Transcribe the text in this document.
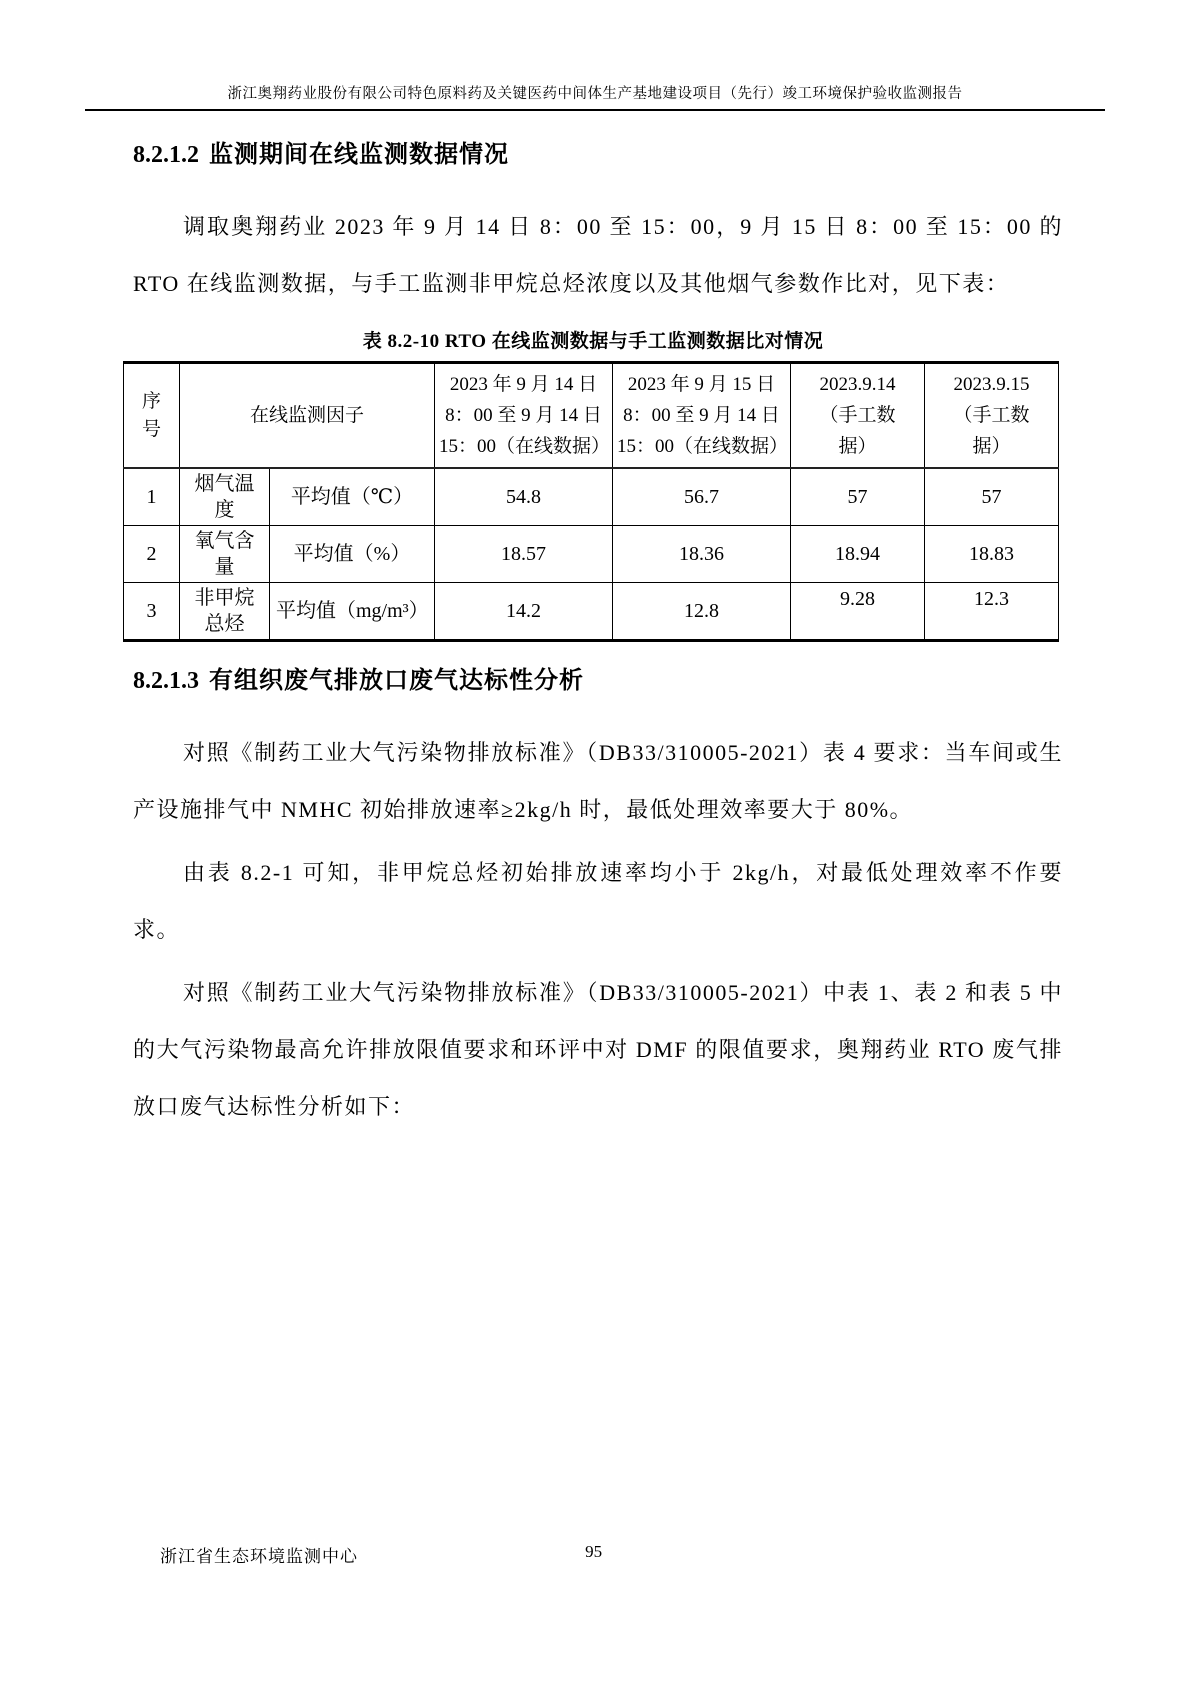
浙江奥翔药业股份有限公司特色原料药及关键医药中间体生产基地建设项目（先行）竣工环境保护验收监测报告
8.2.1.2 监测期间在线监测数据情况

调取奥翔药业 2023 年 9 月 14 日 8：00 至 15：00，9 月 15 日 8：00 至 15：00 的 RTO 在线监测数据，与手工监测非甲烷总烃浓度以及其他烟气参数作比对，见下表：

表 8.2-10 RTO 在线监测数据与手工监测数据比对情况
序号	在线监测因子		2023 年 9 月 14 日 8：00 至 9 月 14 日 15：00（在线数据）	2023 年 9 月 15 日 8：00 至 9 月 14 日 15：00（在线数据）	2023.9.14（手工数据）	2023.9.15（手工数据）
1	烟气温度	平均值（℃）	54.8	56.7	57	57
2	氧气含量	平均值（%）	18.57	18.36	18.94	18.83
3	非甲烷总烃	平均值（mg/m³）	14.2	12.8	9.28	12.3
8.2.1.3 有组织废气排放口废气达标性分析

对照《制药工业大气污染物排放标准》（DB33/310005-2021）表 4 要求：当车间或生产设施排气中 NMHC 初始排放速率≥2kg/h 时，最低处理效率要大于 80%。

由表 8.2-1 可知，非甲烷总烃初始排放速率均小于 2kg/h，对最低处理效率不作要求。

对照《制药工业大气污染物排放标准》（DB33/310005-2021）中表 1、表 2 和表 5 中的大气污染物最高允许排放限值要求和环评中对 DMF 的限值要求，奥翔药业 RTO 废气排放口废气达标性分析如下：

浙江省生态环境监测中心	95
